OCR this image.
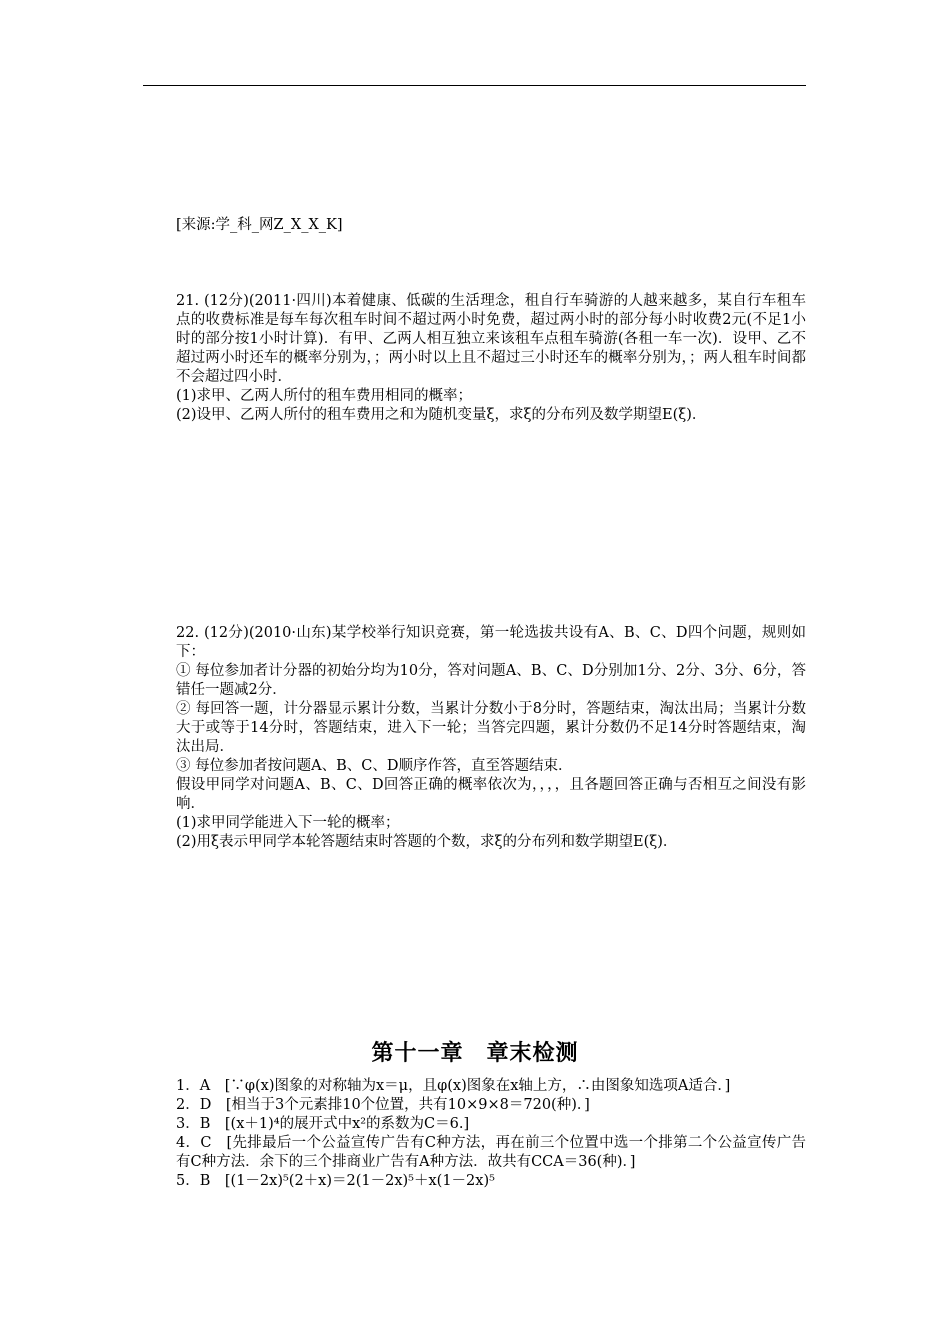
[来源:学_科_网Z_X_X_K]

21. (12分)(2011·四川)本着健康、低碳的生活理念，租自行车骑游的人越来越多，某自行车租车点的收费标准是每车每次租车时间不超过两小时免费，超过两小时的部分每小时收费2元(不足1小时的部分按1小时计算)．有甲、乙两人相互独立来该租车点租车骑游(各租一车一次)．设甲、乙不超过两小时还车的概率分别为，；两小时以上且不超过三小时还车的概率分别为，；两人租车时间都不会超过四小时．

(1)求甲、乙两人所付的租车费用相同的概率；

(2)设甲、乙两人所付的租车费用之和为随机变量ξ，求ξ的分布列及数学期望E(ξ)．

22. (12分)(2010·山东)某学校举行知识竞赛，第一轮选拔共设有A、B、C、D四个问题，规则如下：

① 每位参加者计分器的初始分均为10分，答对问题A、B、C、D分别加1分、2分、3分、6分，答错任一题减2分．

② 每回答一题，计分器显示累计分数，当累计分数小于8分时，答题结束，淘汰出局；当累计分数大于或等于14分时，答题结束，进入下一轮；当答完四题，累计分数仍不足14分时答题结束，淘汰出局．

③ 每位参加者按问题A、B、C、D顺序作答，直至答题结束．

假设甲同学对问题A、B、C、D回答正确的概率依次为，，，，且各题回答正确与否相互之间没有影响．

(1)求甲同学能进入下一轮的概率；

(2)用ξ表示甲同学本轮答题结束时答题的个数，求ξ的分布列和数学期望E(ξ)．

第十一章　章末检测

1．A　[∵φ(x)图象的对称轴为x＝μ，且φ(x)图象在x轴上方，∴由图象知选项A适合．]

2．D　[相当于3个元素排10个位置，共有10×9×8＝720(种)．]

3．B　[(x＋1)⁴的展开式中x²的系数为C＝6.]

4．C　[先排最后一个公益宣传广告有C种方法，再在前三个位置中选一个排第二个公益宣传广告有C种方法．余下的三个排商业广告有A种方法．故共有CCA＝36(种)．]

5．B　[(1－2x)⁵(2＋x)＝2(1－2x)⁵＋x(1－2x)⁵
